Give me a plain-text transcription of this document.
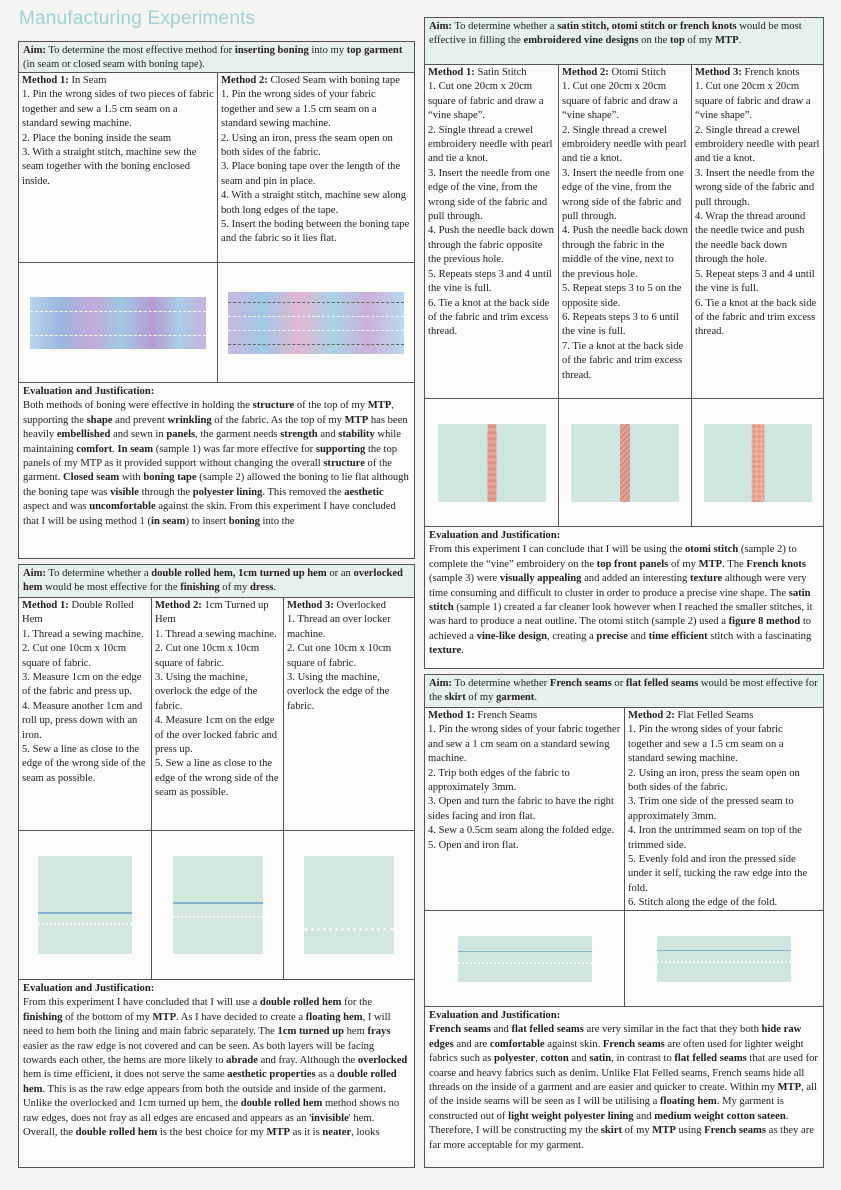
Manufacturing Experiments
Aim: To determine the most effective method for inserting boning into my top garment (in seam or closed seam with boning tape).
Method 1: In Seam

1. Pin the wrong sides of two pieces of fabric together and sew a 1.5 cm seam on a standard sewing machine.

2. Place the boning inside the seam

3. With a straight stitch, machine sew the seam together with the boning enclosed inside.

Method 2: Closed Seam with boning tape

1. Pin the wrong sides of your fabric together and sew a 1.5 cm seam on a standard sewing machine.

2. Using an iron, press the seam open on both sides of the fabric.

3. Place boning tape over the length of the seam and pin in place.

4. With a straight stitch, machine sew along both long edges of the tape.

5. Insert the boding between the boning tape and the fabric so it lies flat.

Evaluation and Justification:
Both methods of boning were effective in holding the structure of the top of my MTP, supporting the shape and prevent wrinkling of the fabric. As the top of my MTP has been heavily embellished and sewn in panels, the garment needs strength and stability while maintaining comfort. In seam (sample 1) was far more effective for supporting the top panels of my MTP as it provided support without changing the overall structure of the garment. Closed seam with boning tape (sample 2) allowed the boning to lie flat although the boning tape was visible through the polyester lining. This removed the aesthetic aspect and was uncomfortable against the skin. From this experiment I have concluded that I will be using method 1 (in seam) to insert boning into the
Aim: To determine whether a double rolled hem, 1cm turned up hem or an overlocked hem would be most effective for the finishing of my dress.
Method 1: Double Rolled Hem

1. Thread a sewing machine.

2. Cut one 10cm x 10cm square of fabric.

3. Measure 1cm on the edge of the fabric and press up.

4. Measure another 1cm and roll up, press down with an iron.

5. Sew a line as close to the edge of the wrong side of the seam as possible.

Method 2: 1cm Turned up Hem

1. Thread a sewing machine.

2. Cut one 10cm x 10cm square of fabric.

3. Using the machine, overlock the edge of the fabric.

4. Measure 1cm on the edge of the over locked fabric and press up.

5. Sew a line as close to the edge of the wrong side of the seam as possible.

Method 3: Overlocked

1. Thread an over locker machine.

2. Cut one 10cm x 10cm square of fabric.

3. Using the machine, overlock the edge of the fabric.

Evaluation and Justification:
From this experiment I have concluded that I will use a double rolled hem for the finishing of the bottom of my MTP. As I have decided to create a floating hem, I will need to hem both the lining and main fabric separately. The 1cm turned up hem frays easier as the raw edge is not covered and can be seen. As both layers will be facing towards each other, the hems are more likely to abrade and fray. Although the overlocked hem is time efficient, it does not serve the same aesthetic properties as a double rolled hem. This is as the raw edge appears from both the outside and inside of the garment. Unlike the overlocked and 1cm turned up hem, the double rolled hem method shows no raw edges, does not fray as all edges are encased and appears as an 'invisible' hem. Overall, the double rolled hem is the best choice for my MTP as it is neater, looks
Aim: To determine whether a satin stitch, otomi stitch or french knots would be most effective in filling the embroidered vine designs on the top of my MTP.
Method 1: Satin Stitch

1. Cut one 20cm x 20cm square of fabric and draw a “vine shape”.

2. Single thread a crewel embroidery needle with pearl and tie a knot.

3. Insert the needle from one edge of the vine, from the wrong side of the fabric and pull through.

4. Push the needle back down through the fabric opposite the previous hole.

5. Repeats steps 3 and 4 until the vine is full.

6. Tie a knot at the back side of the fabric and trim excess thread.

Method 2: Otomi Stitch

1. Cut one 20cm x 20cm square of fabric and draw a “vine shape”.

2. Single thread a crewel embroidery needle with pearl and tie a knot.

3. Insert the needle from one edge of the vine, from the wrong side of the fabric and pull through.

4. Push the needle back down through the fabric in the middle of the vine, next to the previous hole.

5. Repeat steps 3 to 5 on the opposite side.

6. Repeats steps 3 to 6 until the vine is full.

7. Tie a knot at the back side of the fabric and trim excess thread.

Method 3: French knots

1. Cut one 20cm x 20cm square of fabric and draw a “vine shape”.

2. Single thread a crewel embroidery needle with pearl and tie a knot.

3. Insert the needle from the wrong side of the fabric and pull through.

4. Wrap the thread around the needle twice and push the needle back down through the hole.

5. Repeat steps 3 and 4 until the vine is full.

6. Tie a knot at the back side of the fabric and trim excess thread.

Evaluation and Justification:
From this experiment I can conclude that I will be using the otomi stitch (sample 2) to complete the “vine” embroidery on the top front panels of my MTP. The French knots (sample 3) were visually appealing and added an interesting texture although were very time consuming and difficult to cluster in order to produce a precise vine shape. The satin stitch (sample 1) created a far cleaner look however when I reached the smaller stitches, it was hard to produce a neat outline. The otomi stitch (sample 2) used a figure 8 method to achieved a vine-like design, creating a precise and time efficient stitch with a fascinating texture.
Aim: To determine whether French seams or flat felled seams would be most effective for the skirt of my garment.
Method 1: French Seams

1. Pin the wrong sides of your fabric together and sew a 1 cm seam on a standard sewing machine.

2. Trip both edges of the fabric to approximately 3mm.

3. Open and turn the fabric to have the right sides facing and iron flat.

4. Sew a 0.5cm seam along the folded edge.

5. Open and iron flat.

Method 2: Flat Felled Seams

1. Pin the wrong sides of your fabric together and sew a 1.5 cm seam on a standard sewing machine.

2. Using an iron, press the seam open on both sides of the fabric.

3. Trim one side of the pressed seam to approximately 3mm.

4. Iron the untrimmed seam on top of the trimmed side.

5. Evenly fold and iron the pressed side under it self, tucking the raw edge into the fold.

6. Stitch along the edge of the fold.

Evaluation and Justification:
French seams and flat felled seams are very similar in the fact that they both hide raw edges and are comfortable against skin. French seams are often used for lighter weight fabrics such as polyester, cotton and satin, in contrast to flat felled seams that are used for coarse and heavy fabrics such as denim. Unlike Flat Felled seams, French seams hide all threads on the inside of a garment and are easier and quicker to create. Within my MTP, all of the inside seams will be seen as I will be utilising a floating hem. My garment is constructed out of light weight polyester lining and medium weight cotton sateen. Therefore, I will be constructing my the skirt of my MTP using French seams as they are far more acceptable for my garment.
